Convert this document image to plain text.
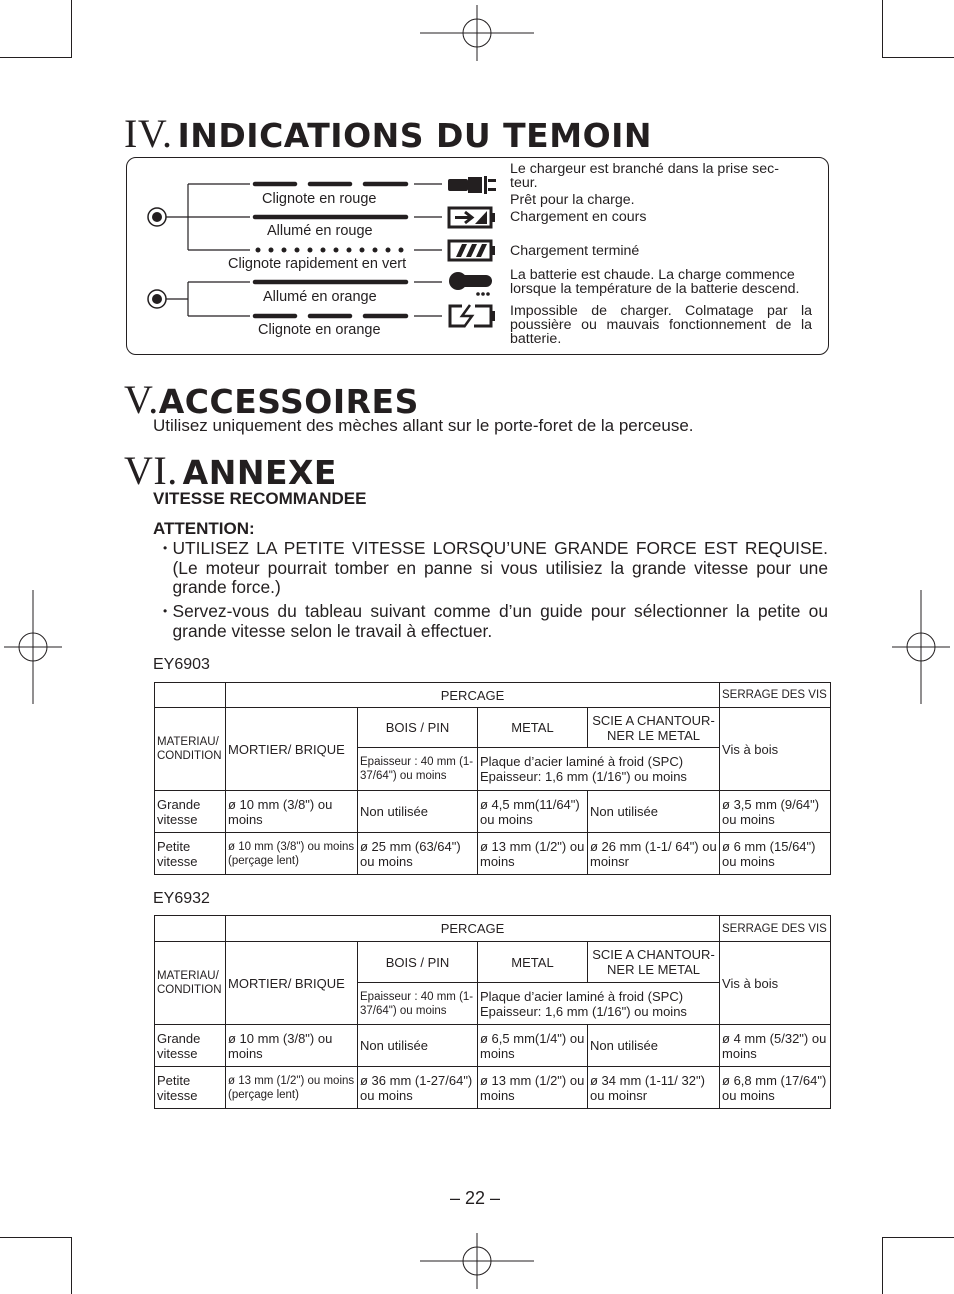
IV. INDICATIONS DU TEMOIN
Clignote en rouge
Allumé en rouge
Clignote rapidement en vert
Allumé en orange
Clignote en orange

Le chargeur est branché dans la prise sec-teur.

Prêt pour la charge.
Chargement en cours
Chargement terminé
La batterie est chaude. La charge commence lorsque la température de la batterie descend.
Impossible de charger. Colmatage par la poussière ou mauvais fonctionnement de la batterie.
V.ACCESSOIRES
Utilisez uniquement des mèches allant sur le porte-foret de la perceuse.
VI. ANNEXE
VITESSE RECOMMANDEE
ATTENTION:
• UTILISEZ LA PETITE VITESSE LORSQU’UNE GRANDE FORCE EST REQUISE. (Le moteur pourrait tomber en panne si vous utilisiez la grande vitesse pour une grande force.)
• Servez-vous du tableau suivant comme d’un guide pour sélectionner la petite ou grande vitesse selon le travail à effectuer.
EY6903
	PERCAGE				SERRAGE DES VIS
MATERIAU/ CONDITION	MORTIER/ BRIQUE	BOIS / PIN	METAL	SCIE A CHANTOUR-NER LE METAL	Vis à bois
		Epaisseur : 40 mm (1-37/64") ou moins	Plaque d’acier laminé à froid (SPC) Epaisseur: 1,6 mm (1/16") ou moins		
Grande vitesse	ø 10 mm (3/8") ou moins	Non utilisée	ø 4,5 mm(11/64") ou moins	Non utilisée	ø 3,5 mm (9/64") ou moins
Petite vitesse	ø 10 mm (3/8") ou moins (perçage lent)	ø 25 mm (63/64") ou moins	ø 13 mm (1/2") ou moins	ø 26 mm (1-1/ 64") ou moinsr	ø 6 mm (15/64") ou moins
EY6932
	PERCAGE				SERRAGE DES VIS
MATERIAU/ CONDITION	MORTIER/ BRIQUE	BOIS / PIN	METAL	SCIE A CHANTOUR-NER LE METAL	Vis à bois
		Epaisseur : 40 mm (1-37/64") ou moins	Plaque d’acier laminé à froid (SPC) Epaisseur: 1,6 mm (1/16") ou moins		
Grande vitesse	ø 10 mm (3/8") ou moins	Non utilisée	ø 6,5 mm(1/4") ou moins	Non utilisée	ø 4 mm (5/32") ou moins
Petite vitesse	ø 13 mm (1/2") ou moins (perçage lent)	ø 36 mm (1-27/64") ou moins	ø 13 mm (1/2") ou moins	ø 34 mm (1-11/ 32") ou moinsr	ø 6,8 mm (17/64") ou moins
– 22 –
